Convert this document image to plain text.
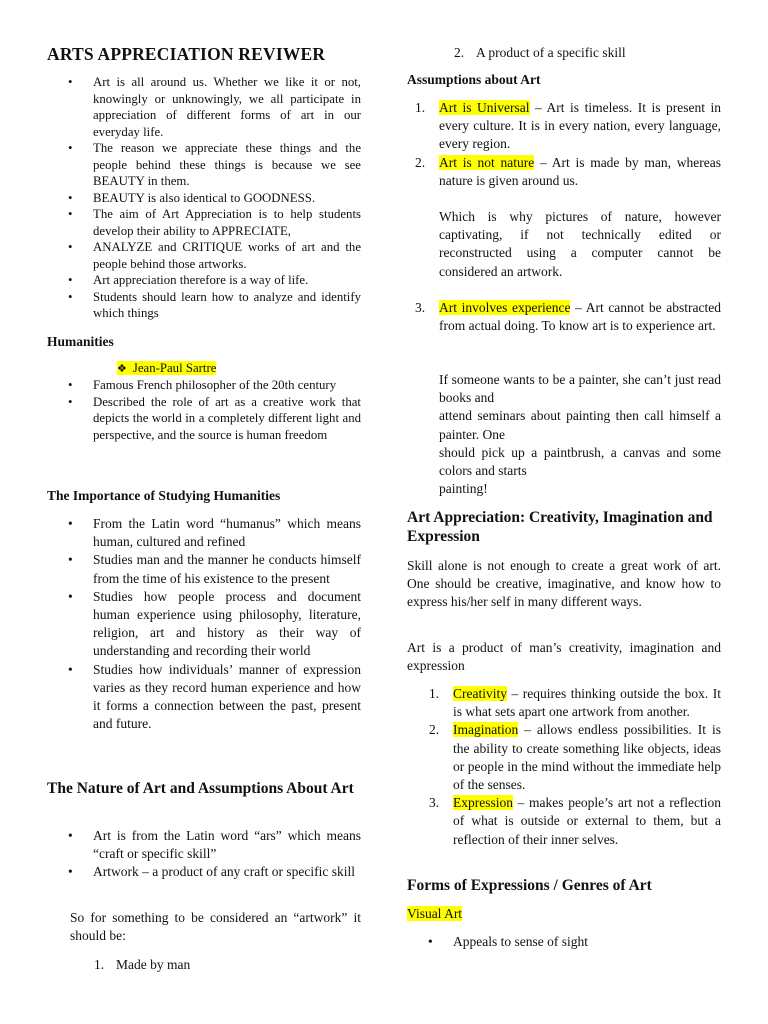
ARTS APPRECIATION REVIWER
• Art is all around us. Whether we like it or not, knowingly or unknowingly, we all participate in appreciation of different forms of art in our everyday life.
• The reason we appreciate these things and the people behind these things is because we see BEAUTY in them.
• BEAUTY is also identical to GOODNESS.
• The aim of Art Appreciation is to help students develop their ability to APPRECIATE,
• ANALYZE and CRITIQUE works of art and the people behind those artworks.
• Art appreciation therefore is a way of life.
• Students should learn how to analyze and identify which things
Humanities
❖ Jean-Paul Sartre
• Famous French philosopher of the 20th century
• Described the role of art as a creative work that depicts the world in a completely different light and perspective, and the source is human freedom
The Importance of Studying Humanities
• From the Latin word “humanus” which means human, cultured and refined
• Studies man and the manner he conducts himself from the time of his existence to the present
• Studies how people process and document human experience using philosophy, literature, religion, art and history as their way of understanding and recording their world
• Studies how individuals’ manner of expression varies as they record human experience and how it forms a connection between the past, present and future.
The Nature of Art and Assumptions About Art
• Art is from the Latin word “ars” which means “craft or specific skill”
• Artwork – a product of any craft or specific skill

So for something to be considered an “artwork” it should be:

1. Made by man
2. A product of a specific skill
Assumptions about Art
1. Art is Universal – Art is timeless. It is present in every culture. It is in every nation, every language, every region.
2. Art is not nature – Art is made by man, whereas nature is given around us.

Which is why pictures of nature, however captivating, if not technically edited or reconstructed using a computer cannot be considered an artwork.

3. Art involves experience – Art cannot be abstracted from actual doing. To know art is to experience art.

If someone wants to be a painter, she can’t just read books and

attend seminars about painting then call himself a painter. One

should pick up a paintbrush, a canvas and some colors and starts

painting!

Art Appreciation: Creativity, Imagination and Expression

Skill alone is not enough to create a great work of art. One should be creative, imaginative, and know how to express his/her self in many different ways.

Art is a product of man’s creativity, imagination and expression

1. Creativity – requires thinking outside the box. It is what sets apart one artwork from another.
2. Imagination – allows endless possibilities. It is the ability to create something like objects, ideas or people in the mind without the immediate help of the senses.
3. Expression – makes people’s art not a reflection of what is outside or external to them, but a reflection of their inner selves.
Forms of Expressions / Genres of Art
Visual Art
• Appeals to sense of sight
